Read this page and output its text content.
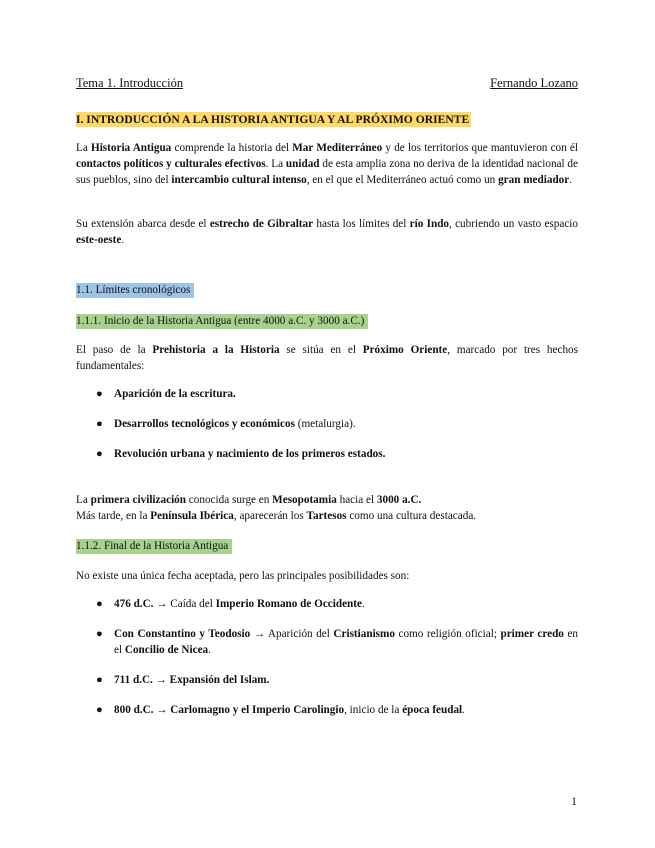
Tema 1. Introducción	Fernando Lozano
I. INTRODUCCIÓN A LA HISTORIA ANTIGUA Y AL PRÓXIMO ORIENTE
La Historia Antigua comprende la historia del Mar Mediterráneo y de los territorios que mantuvieron con él contactos políticos y culturales efectivos. La unidad de esta amplia zona no deriva de la identidad nacional de sus pueblos, sino del intercambio cultural intenso, en el que el Mediterráneo actuó como un gran mediador.
Su extensión abarca desde el estrecho de Gibraltar hasta los límites del río Indo, cubriendo un vasto espacio este-oeste.
1.1. Límites cronológicos
1.1.1. Inicio de la Historia Antigua (entre 4000 a.C. y 3000 a.C.)
El paso de la Prehistoria a la Historia se sitúa en el Próximo Oriente, marcado por tres hechos fundamentales:
● Aparición de la escritura.
● Desarrollos tecnológicos y económicos (metalurgia).
● Revolución urbana y nacimiento de los primeros estados.
La primera civilización conocida surge en Mesopotamia hacia el 3000 a.C.
Más tarde, en la Península Ibérica, aparecerán los Tartesos como una cultura destacada.
1.1.2. Final de la Historia Antigua
No existe una única fecha aceptada, pero las principales posibilidades son:
● 476 d.C. → Caída del Imperio Romano de Occidente.
● Con Constantino y Teodosio → Aparición del Cristianismo como religión oficial; primer credo en el Concilio de Nicea.
● 711 d.C. → Expansión del Islam.
● 800 d.C. → Carlomagno y el Imperio Carolingio, inicio de la época feudal.
1
